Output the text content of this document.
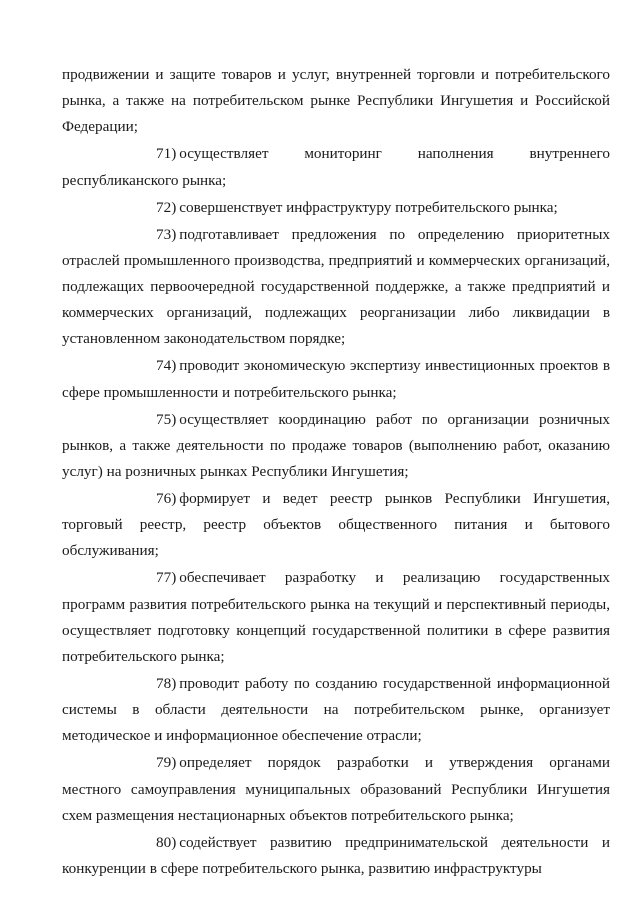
продвижении и защите товаров и услуг, внутренней торговли и потребительского рынка, а также на потребительском рынке Республики Ингушетия и Российской Федерации;

71) осуществляет мониторинг наполнения внутреннего республиканского рынка;

72) совершенствует инфраструктуру потребительского рынка;

73) подготавливает предложения по определению приоритетных отраслей промышленного производства, предприятий и коммерческих организаций, подлежащих первоочередной государственной поддержке, а также предприятий и коммерческих организаций, подлежащих реорганизации либо ликвидации в установленном законодательством порядке;

74) проводит экономическую экспертизу инвестиционных проектов в сфере промышленности и потребительского рынка;

75) осуществляет координацию работ по организации розничных рынков, а также деятельности по продаже товаров (выполнению работ, оказанию услуг) на розничных рынках Республики Ингушетия;

76) формирует и ведет реестр рынков Республики Ингушетия, торговый реестр, реестр объектов общественного питания и бытового обслуживания;

77) обеспечивает разработку и реализацию государственных программ развития потребительского рынка на текущий и перспективный периоды, осуществляет подготовку концепций государственной политики в сфере развития потребительского рынка;

78) проводит работу по созданию государственной информационной системы в области деятельности на потребительском рынке, организует методическое и информационное обеспечение отрасли;

79) определяет порядок разработки и утверждения органами местного самоуправления муниципальных образований Республики Ингушетия схем размещения нестационарных объектов потребительского рынка;

80) содействует развитию предпринимательской деятельности и конкуренции в сфере потребительского рынка, развитию инфраструктуры
